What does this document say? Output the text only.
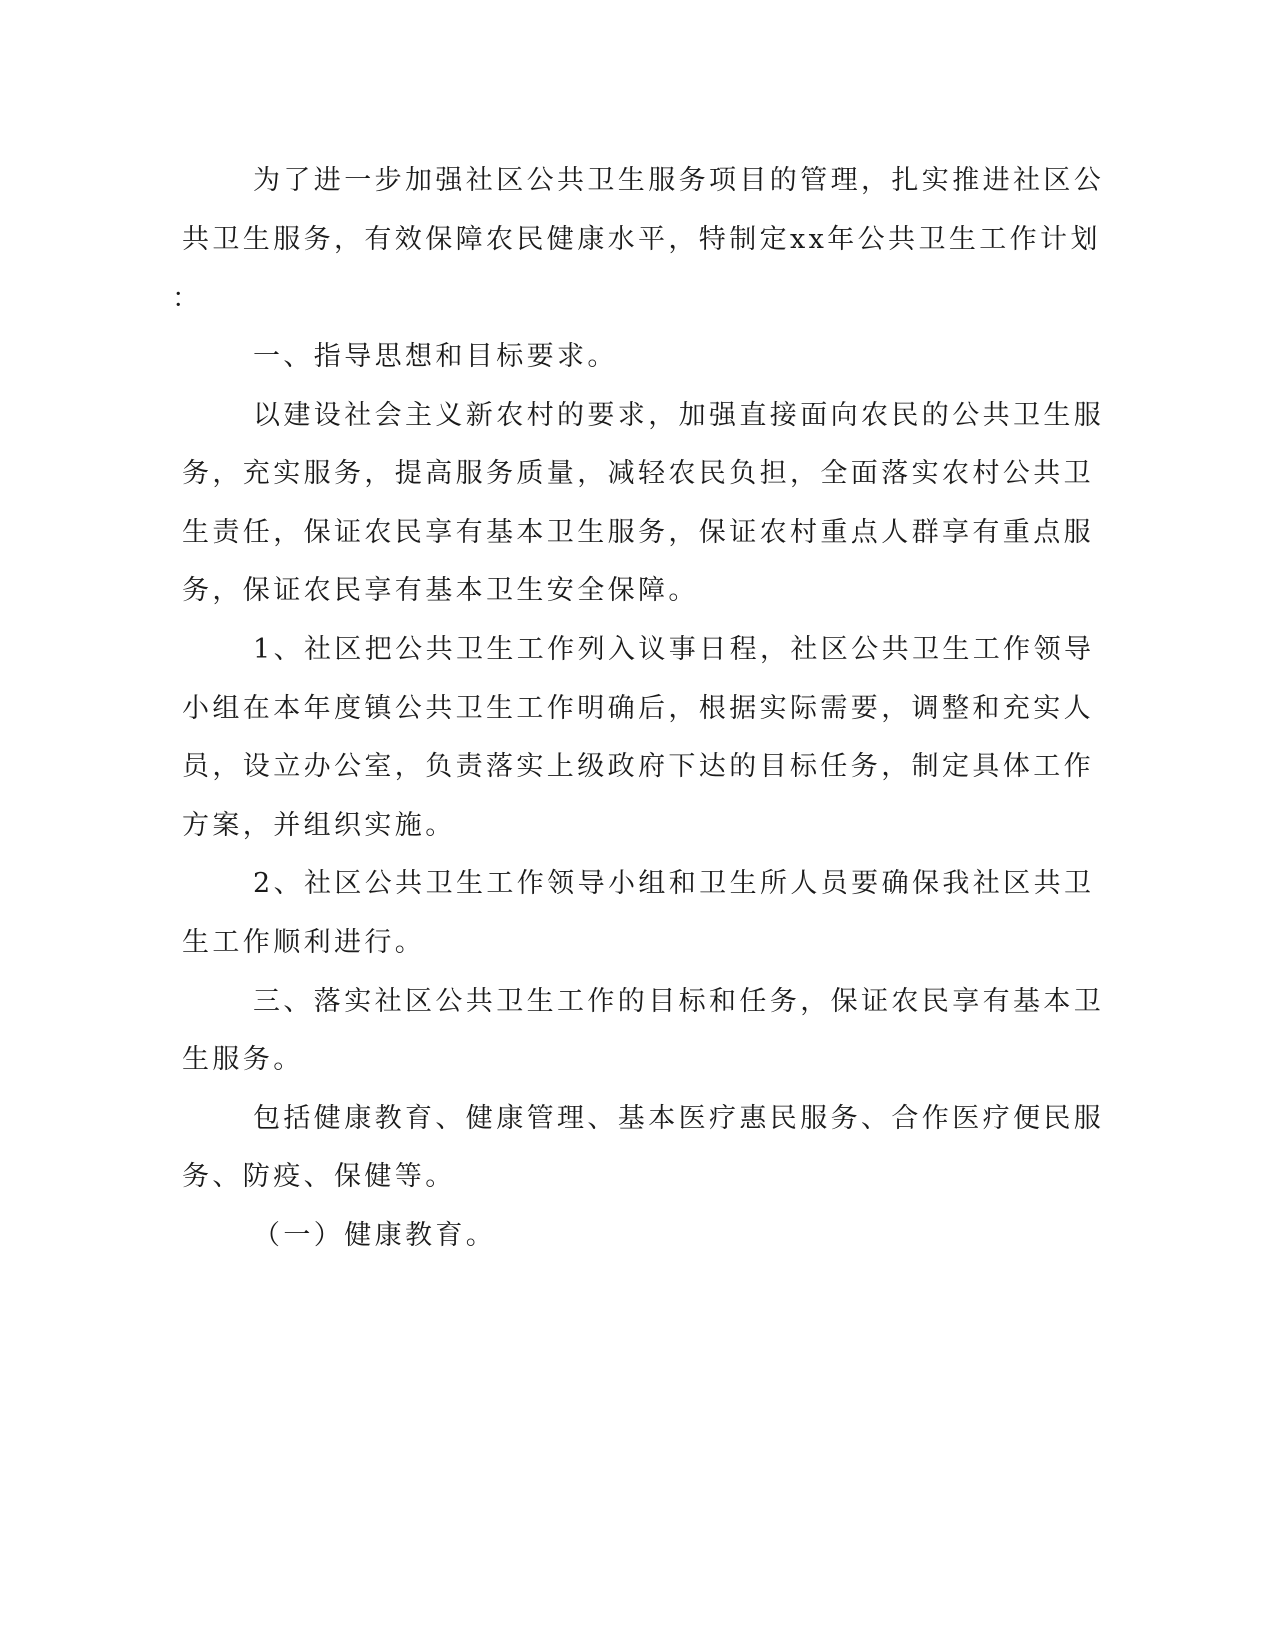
为了进一步加强社区公共卫生服务项目的管理，扎实推进社区公

共卫生服务，有效保障农民健康水平，特制定xx年公共卫生工作计划

：

一、指导思想和目标要求。

以建设社会主义新农村的要求，加强直接面向农民的公共卫生服

务，充实服务，提高服务质量，减轻农民负担，全面落实农村公共卫

生责任，保证农民享有基本卫生服务，保证农村重点人群享有重点服

务，保证农民享有基本卫生安全保障。

1、社区把公共卫生工作列入议事日程，社区公共卫生工作领导

小组在本年度镇公共卫生工作明确后，根据实际需要，调整和充实人

员，设立办公室，负责落实上级政府下达的目标任务，制定具体工作

方案，并组织实施。

2、社区公共卫生工作领导小组和卫生所人员要确保我社区共卫

生工作顺利进行。

三、落实社区公共卫生工作的目标和任务，保证农民享有基本卫

生服务。

包括健康教育、健康管理、基本医疗惠民服务、合作医疗便民服

务、防疫、保健等。

（一）健康教育。
